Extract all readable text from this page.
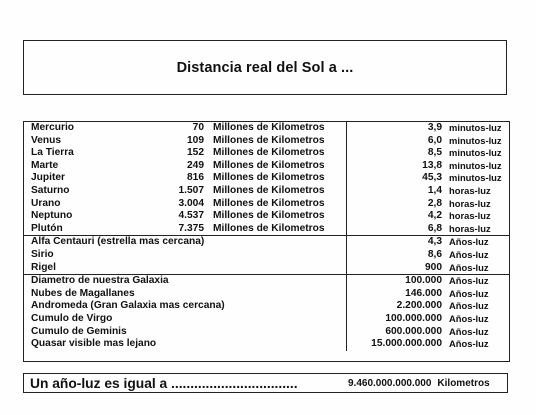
Distancia real del Sol a ...
Mercurio	70	Millones de Kilometros	3,9	minutos-luz
Venus	109	Millones de Kilometros	6,0	minutos-luz
La Tierra	152	Millones de Kilometros	8,5	minutos-luz
Marte	249	Millones de Kilometros	13,8	minutos-luz
Jupiter	816	Millones de Kilometros	45,3	minutos-luz
Saturno	1.507	Millones de Kilometros	1,4	horas-luz
Urano	3.004	Millones de Kilometros	2,8	horas-luz
Neptuno	4.537	Millones de Kilometros	4,2	horas-luz
Plutón	7.375	Millones de Kilometros	6,8	horas-luz
Alfa Centauri (estrella mas cercana)			4,3	Años-luz
Sirio			8,6	Años-luz
Rigel			900	Años-luz
Diametro de nuestra Galaxia			100.000	Años-luz
Nubes de Magallanes			146.000	Años-luz
Andromeda (Gran Galaxia mas cercana)			2.200.000	Años-luz
Cumulo de Virgo			100.000.000	Años-luz
Cumulo de Geminis			600.000.000	Años-luz
Quasar visible mas lejano			15.000.000.000	Años-luz
Un año-luz es igual a .................................	9.460.000.000.000 Kilometros
